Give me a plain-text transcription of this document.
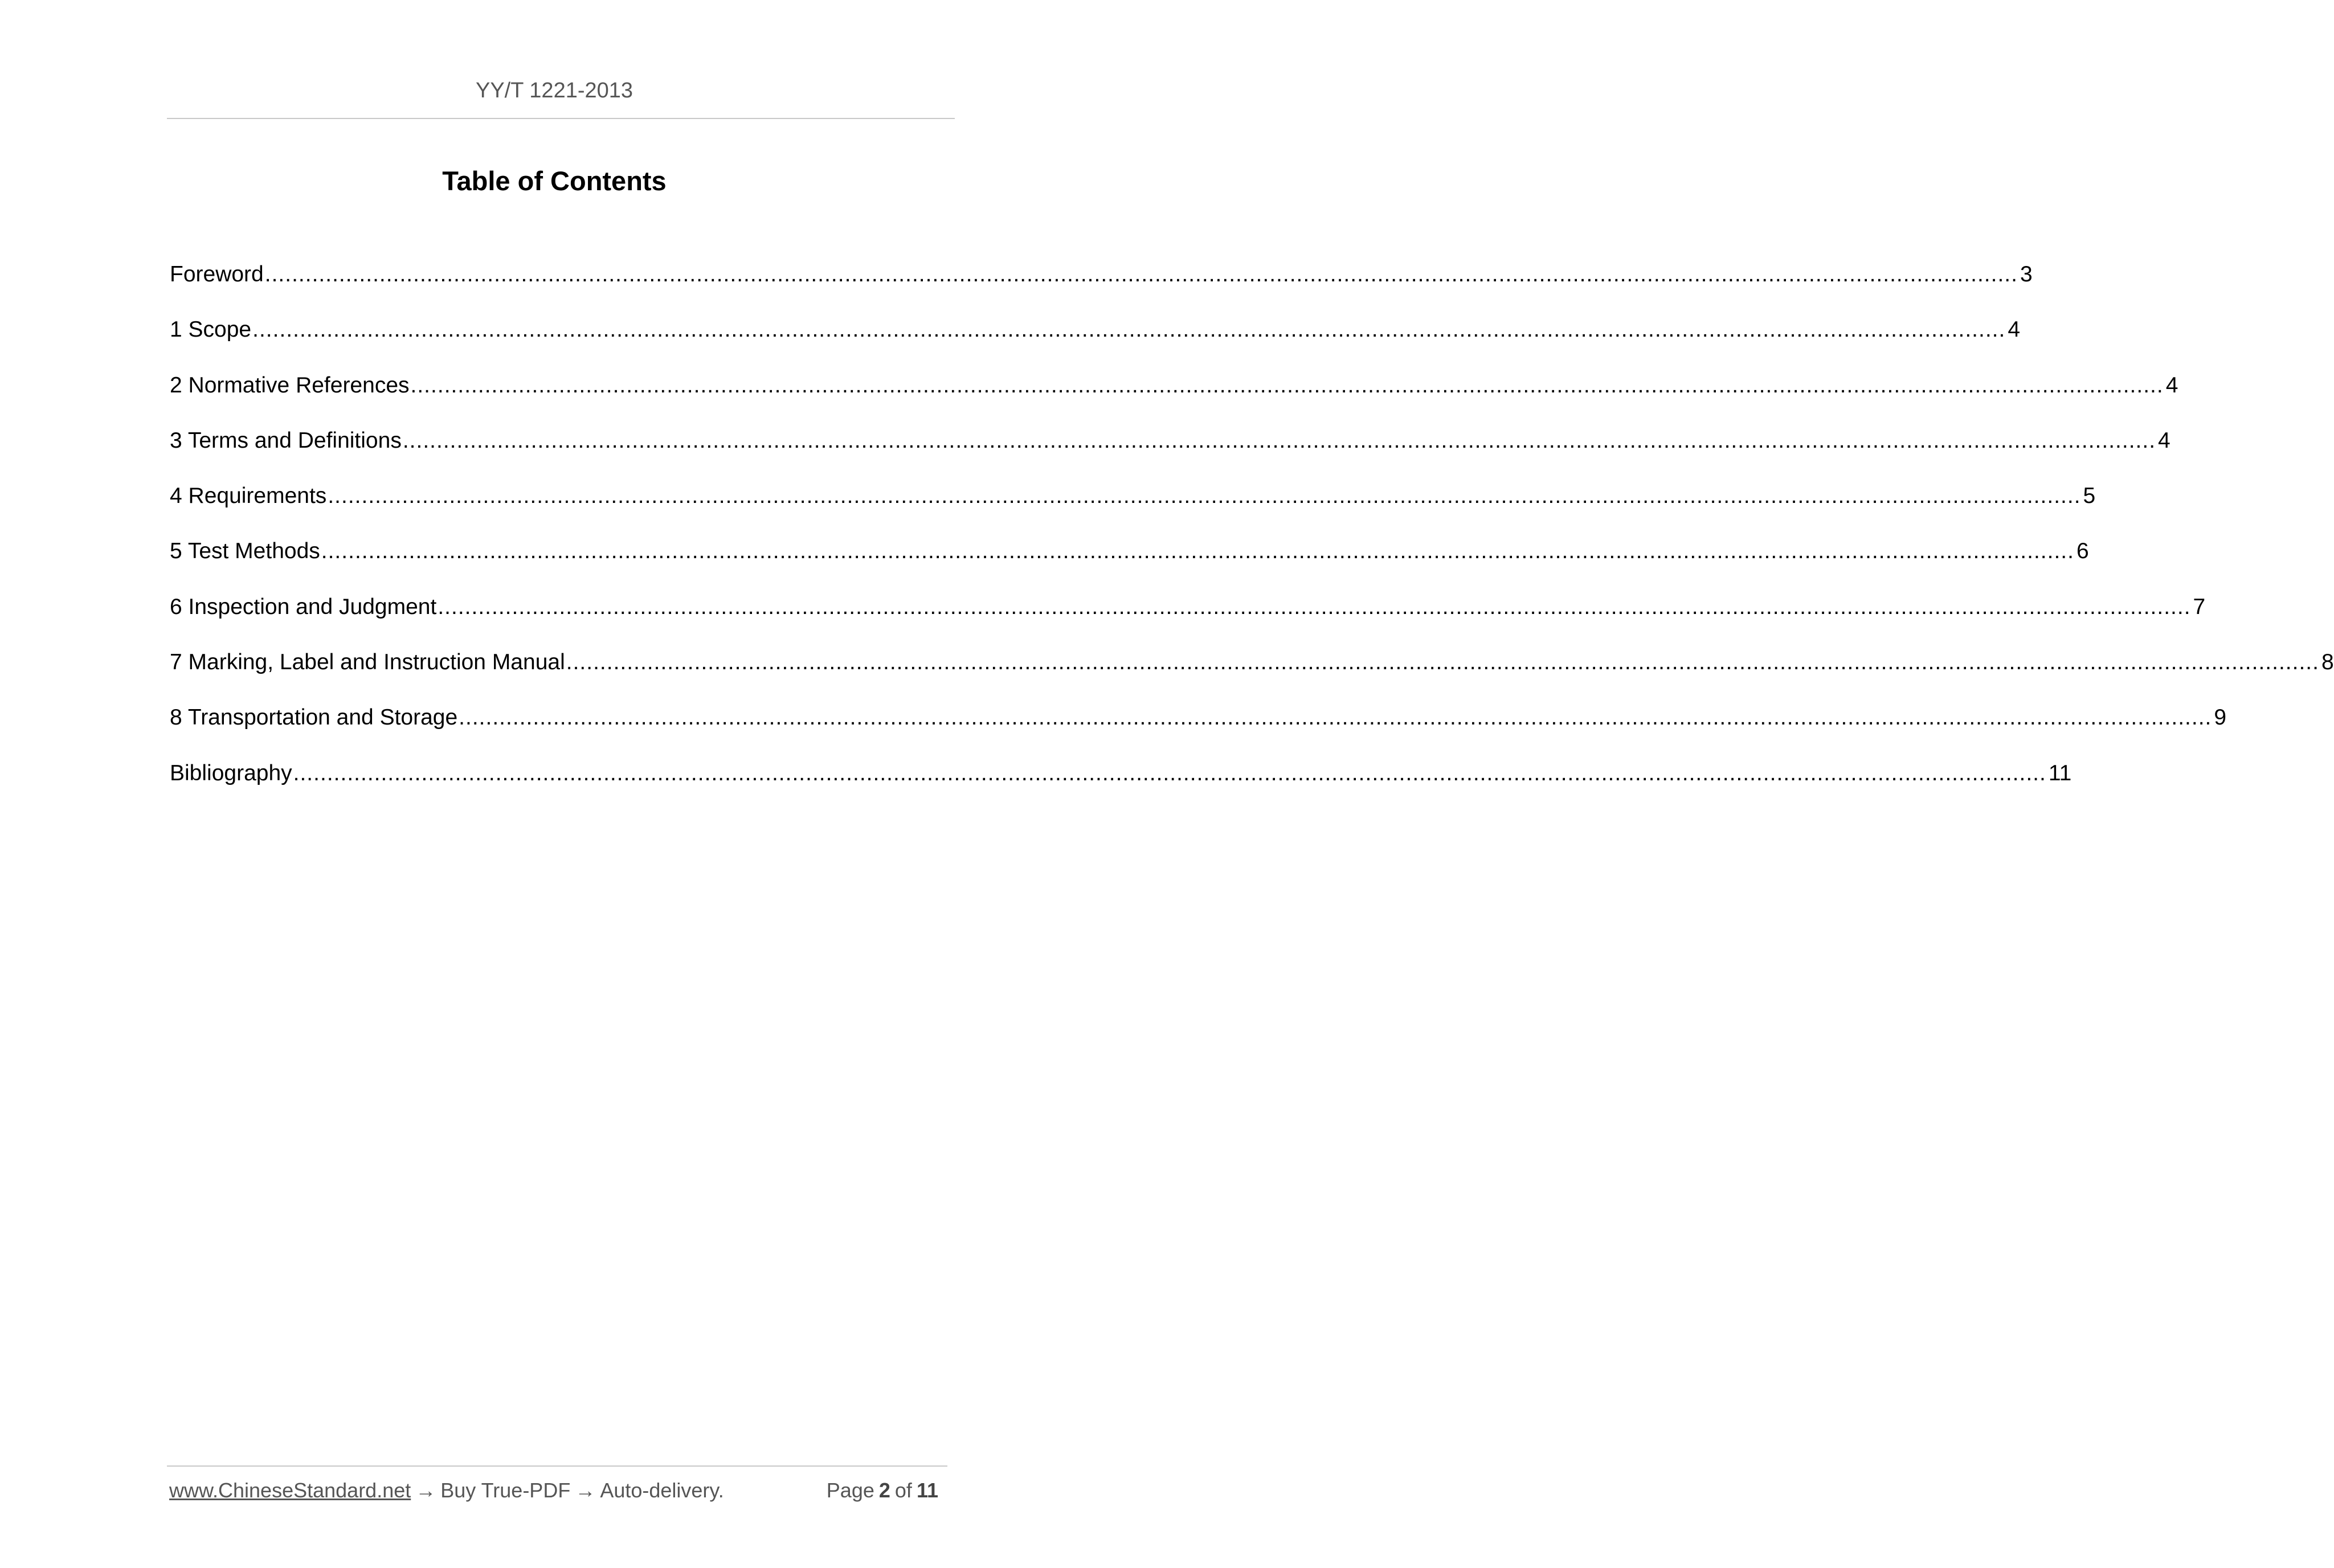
YY/T 1221-2013
Table of Contents
Foreword .................................................................................................................................................................................................................................................................... 3
1 Scope .................................................................................................................................................................................................................................................................... 4
2 Normative References .................................................................................................................................................................................................................................................................... 4
3 Terms and Definitions .................................................................................................................................................................................................................................................................... 4
4 Requirements .................................................................................................................................................................................................................................................................... 5
5 Test Methods .................................................................................................................................................................................................................................................................... 6
6 Inspection and Judgment .................................................................................................................................................................................................................................................................... 7
7 Marking, Label and Instruction Manual .................................................................................................................................................................................................................................................................... 8
8 Transportation and Storage .................................................................................................................................................................................................................................................................... 9
Bibliography .................................................................................................................................................................................................................................................................... 11
www.ChineseStandard.net → Buy True-PDF → Auto-delivery.	Page 2 of 11
